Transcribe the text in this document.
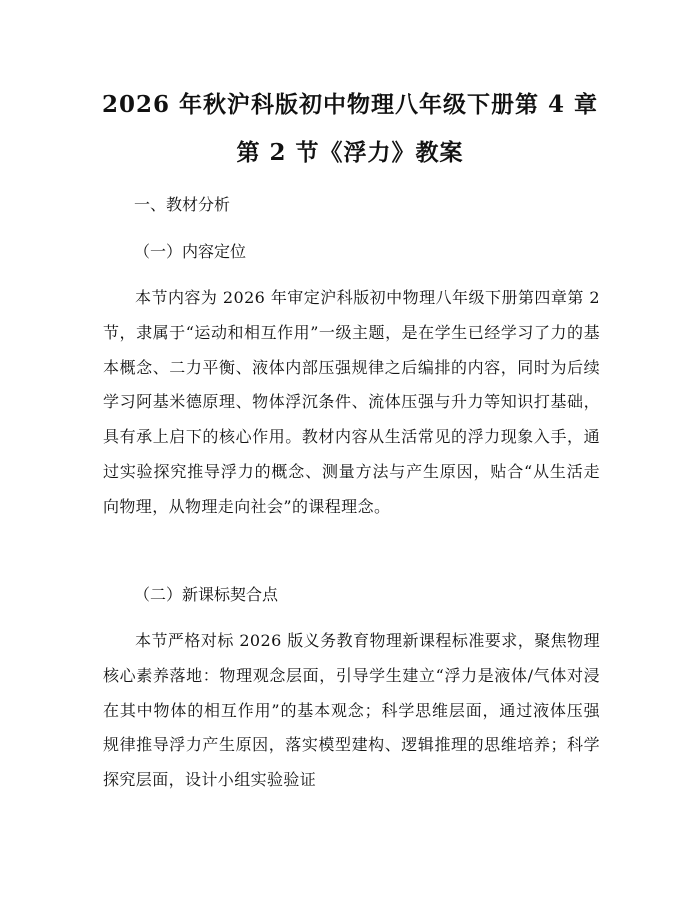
2026 年秋沪科版初中物理八年级下册第 4 章
第 2 节《浮力》教案
一、教材分析
（一）内容定位

本节内容为 2026 年审定沪科版初中物理八年级下册第四章第 2 节，隶属于“运动和相互作用”一级主题，是在学生已经学习了力的基本概念、二力平衡、液体内部压强规律之后编排的内容，同时为后续学习阿基米德原理、物体浮沉条件、流体压强与升力等知识打基础，具有承上启下的核心作用。教材内容从生活常见的浮力现象入手，通过实验探究推导浮力的概念、测量方法与产生原因，贴合“从生活走向物理，从物理走向社会”的课程理念。

（二）新课标契合点

本节严格对标 2026 版义务教育物理新课程标准要求，聚焦物理核心素养落地：物理观念层面，引导学生建立“浮力是液体/气体对浸在其中物体的相互作用”的基本观念；科学思维层面，通过液体压强规律推导浮力产生原因，落实模型建构、逻辑推理的思维培养；科学探究层面，设计小组实验验证
